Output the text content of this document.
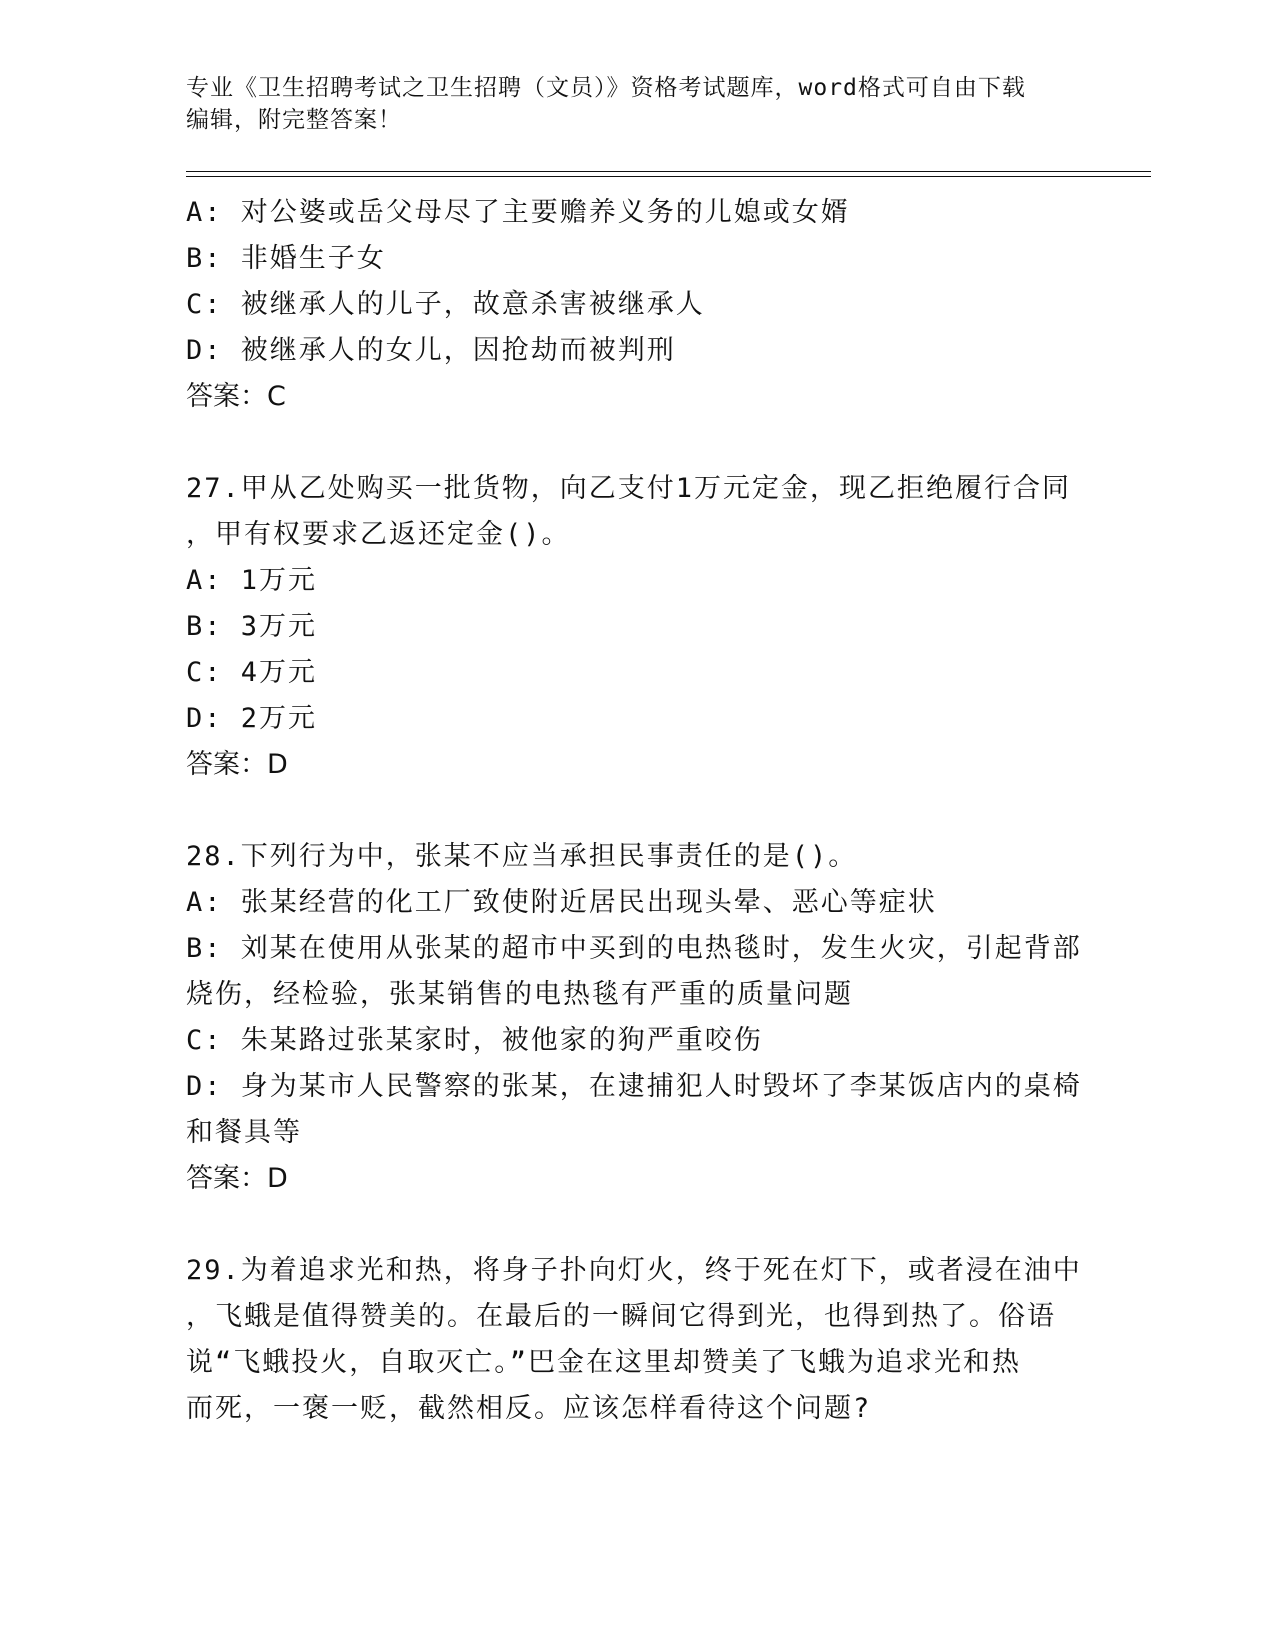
专业《卫生招聘考试之卫生招聘（文员）》资格考试题库，word格式可自由下载
编辑，附完整答案！
A: 对公婆或岳父母尽了主要赡养义务的儿媳或女婿
B: 非婚生子女
C: 被继承人的儿子，故意杀害被继承人
D: 被继承人的女儿，因抢劫而被判刑
答案：C
27.甲从乙处购买一批货物，向乙支付1万元定金，现乙拒绝履行合同
，甲有权要求乙返还定金()。
A: 1万元
B: 3万元
C: 4万元
D: 2万元
答案：D
28.下列行为中，张某不应当承担民事责任的是()。
A: 张某经营的化工厂致使附近居民出现头晕、恶心等症状
B: 刘某在使用从张某的超市中买到的电热毯时，发生火灾，引起背部
烧伤，经检验，张某销售的电热毯有严重的质量问题
C: 朱某路过张某家时，被他家的狗严重咬伤
D: 身为某市人民警察的张某，在逮捕犯人时毁坏了李某饭店内的桌椅
和餐具等
答案：D
29.为着追求光和热，将身子扑向灯火，终于死在灯下，或者浸在油中
，飞蛾是值得赞美的。在最后的一瞬间它得到光，也得到热了。俗语
说“飞蛾投火，自取灭亡。”巴金在这里却赞美了飞蛾为追求光和热
而死，一褒一贬，截然相反。应该怎样看待这个问题?
